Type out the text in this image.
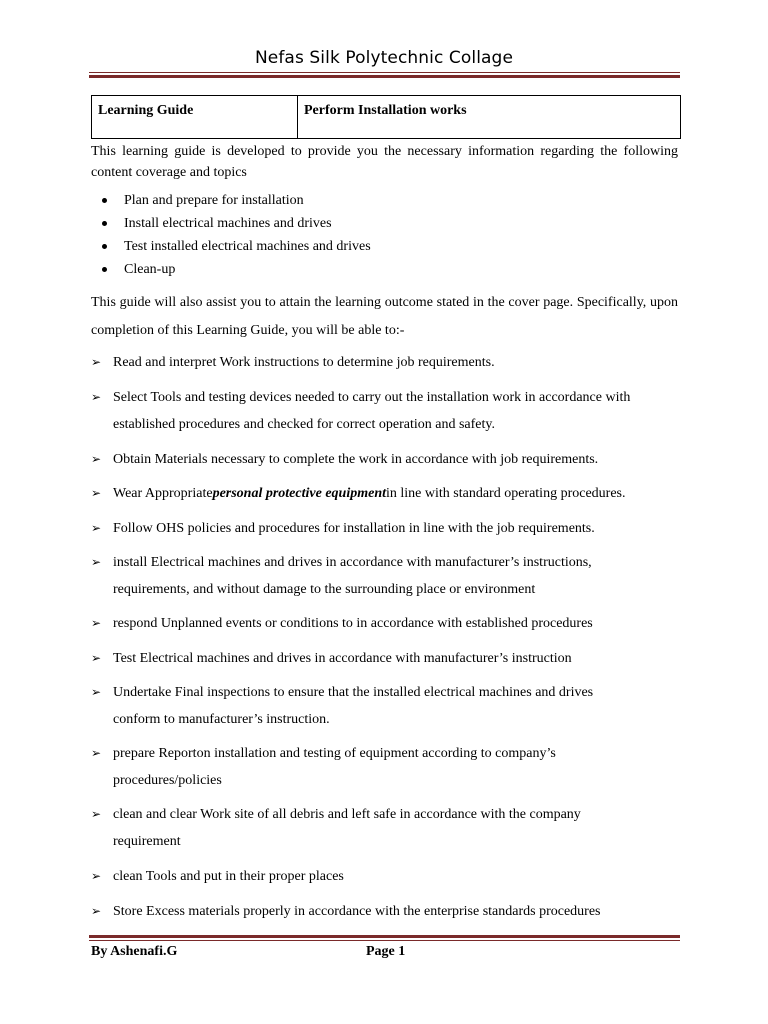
Nefas Silk Polytechnic Collage
Learning Guide	Perform Installation works
This learning guide is developed to provide you the necessary information regarding the following content coverage and topics
Plan and prepare for installation
Install electrical machines and drives
Test installed electrical machines and drives
Clean-up
This guide will also assist you to attain the learning outcome stated in the cover page. Specifically, upon completion of this Learning Guide, you will be able to:-
➢ Read and interpret Work instructions to determine job requirements.
➢ Select Tools and testing devices needed to carry out the installation work in accordance with
established procedures and checked for correct operation and safety.
➢ Obtain Materials necessary to complete the work in accordance with job requirements.
➢ Wear Appropriatepersonal protective equipmentin line with standard operating procedures.
➢ Follow OHS policies and procedures for installation in line with the job requirements.
➢ install Electrical machines and drives in accordance with manufacturer’s instructions,
requirements, and without damage to the surrounding place or environment
➢ respond Unplanned events or conditions to in accordance with established procedures
➢ Test Electrical machines and drives in accordance with manufacturer’s instruction
➢ Undertake Final inspections to ensure that the installed electrical machines and drives
conform to manufacturer’s instruction.
➢ prepare Reporton installation and testing of equipment according to company’s
procedures/policies
➢ clean and clear Work site of all debris and left safe in accordance with the company
requirement
➢ clean Tools and put in their proper places
➢ Store Excess materials properly in accordance with the enterprise standards procedures
By Ashenafi.G	Page 1
